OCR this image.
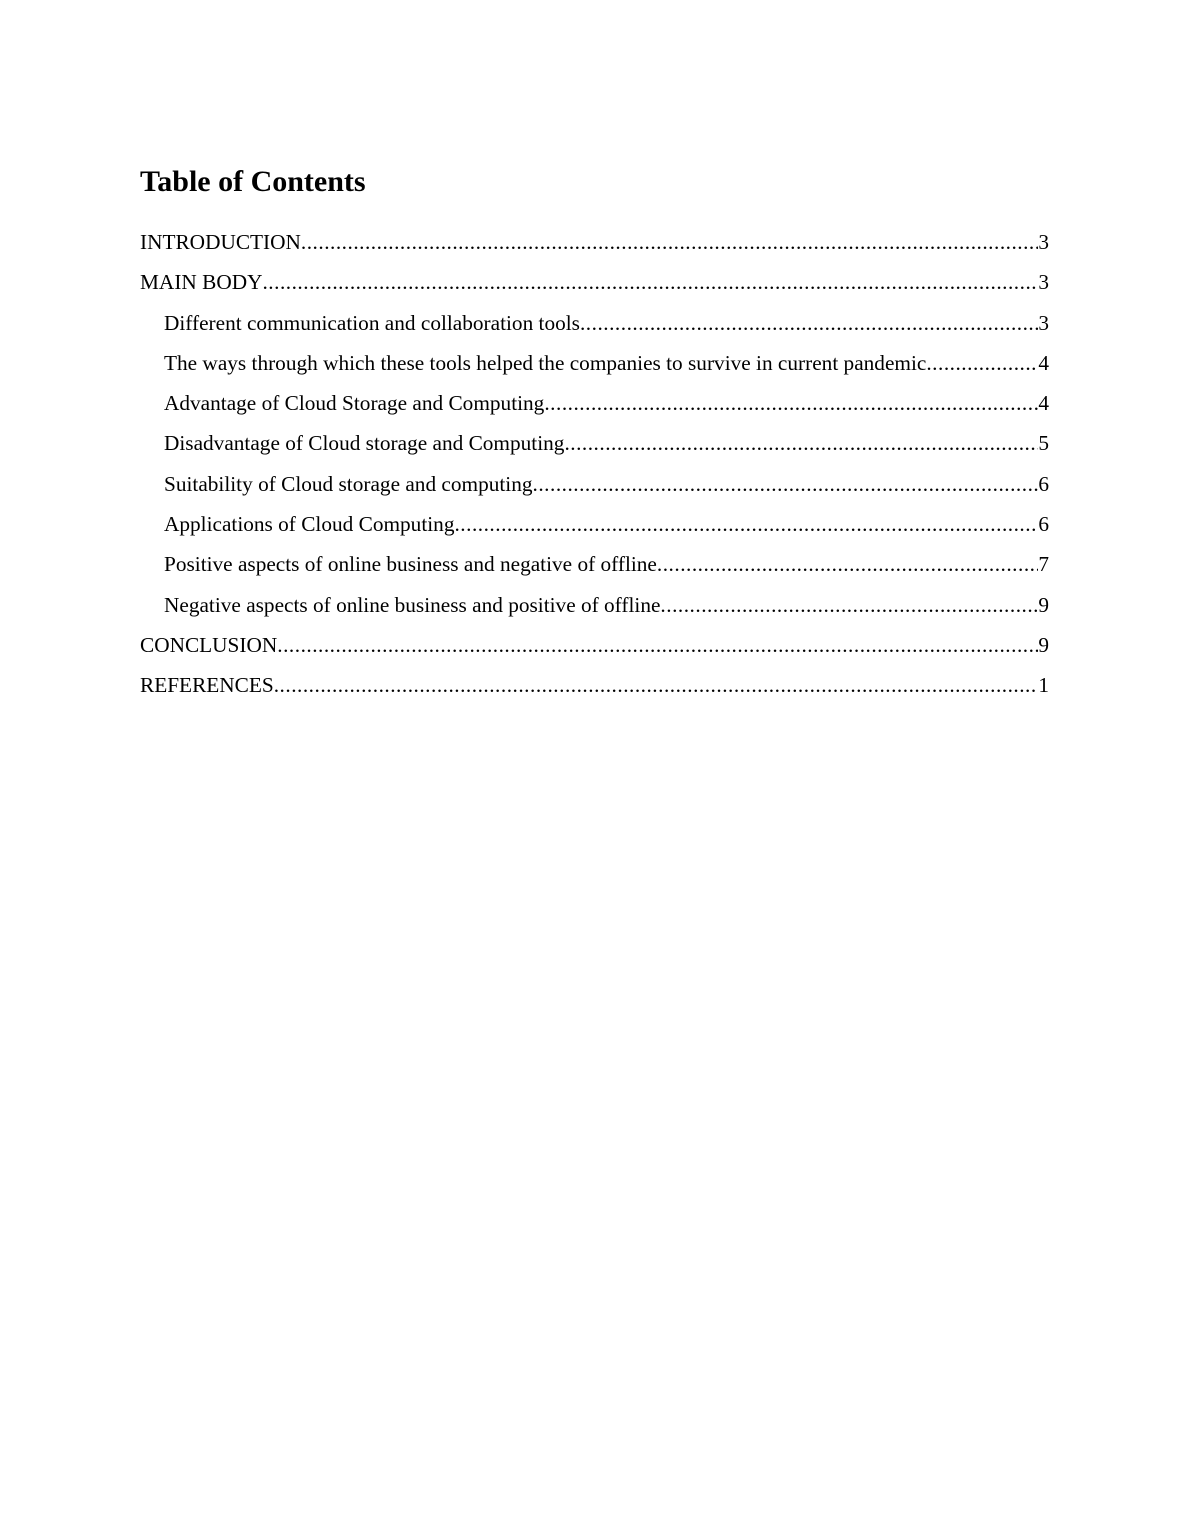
Table of Contents
INTRODUCTION .....	3
MAIN BODY .....	3
Different communication and collaboration tools .....	3
The ways through which these tools helped the companies to survive in current pandemic .....	4
Advantage of Cloud Storage and Computing .....	4
Disadvantage of Cloud storage and Computing .....	5
Suitability of Cloud storage and computing .....	6
Applications of Cloud Computing .....	6
Positive aspects of online business and negative of offline .....	7
Negative aspects of online business and positive of offline .....	9
CONCLUSION .....	9
REFERENCES .....	1
